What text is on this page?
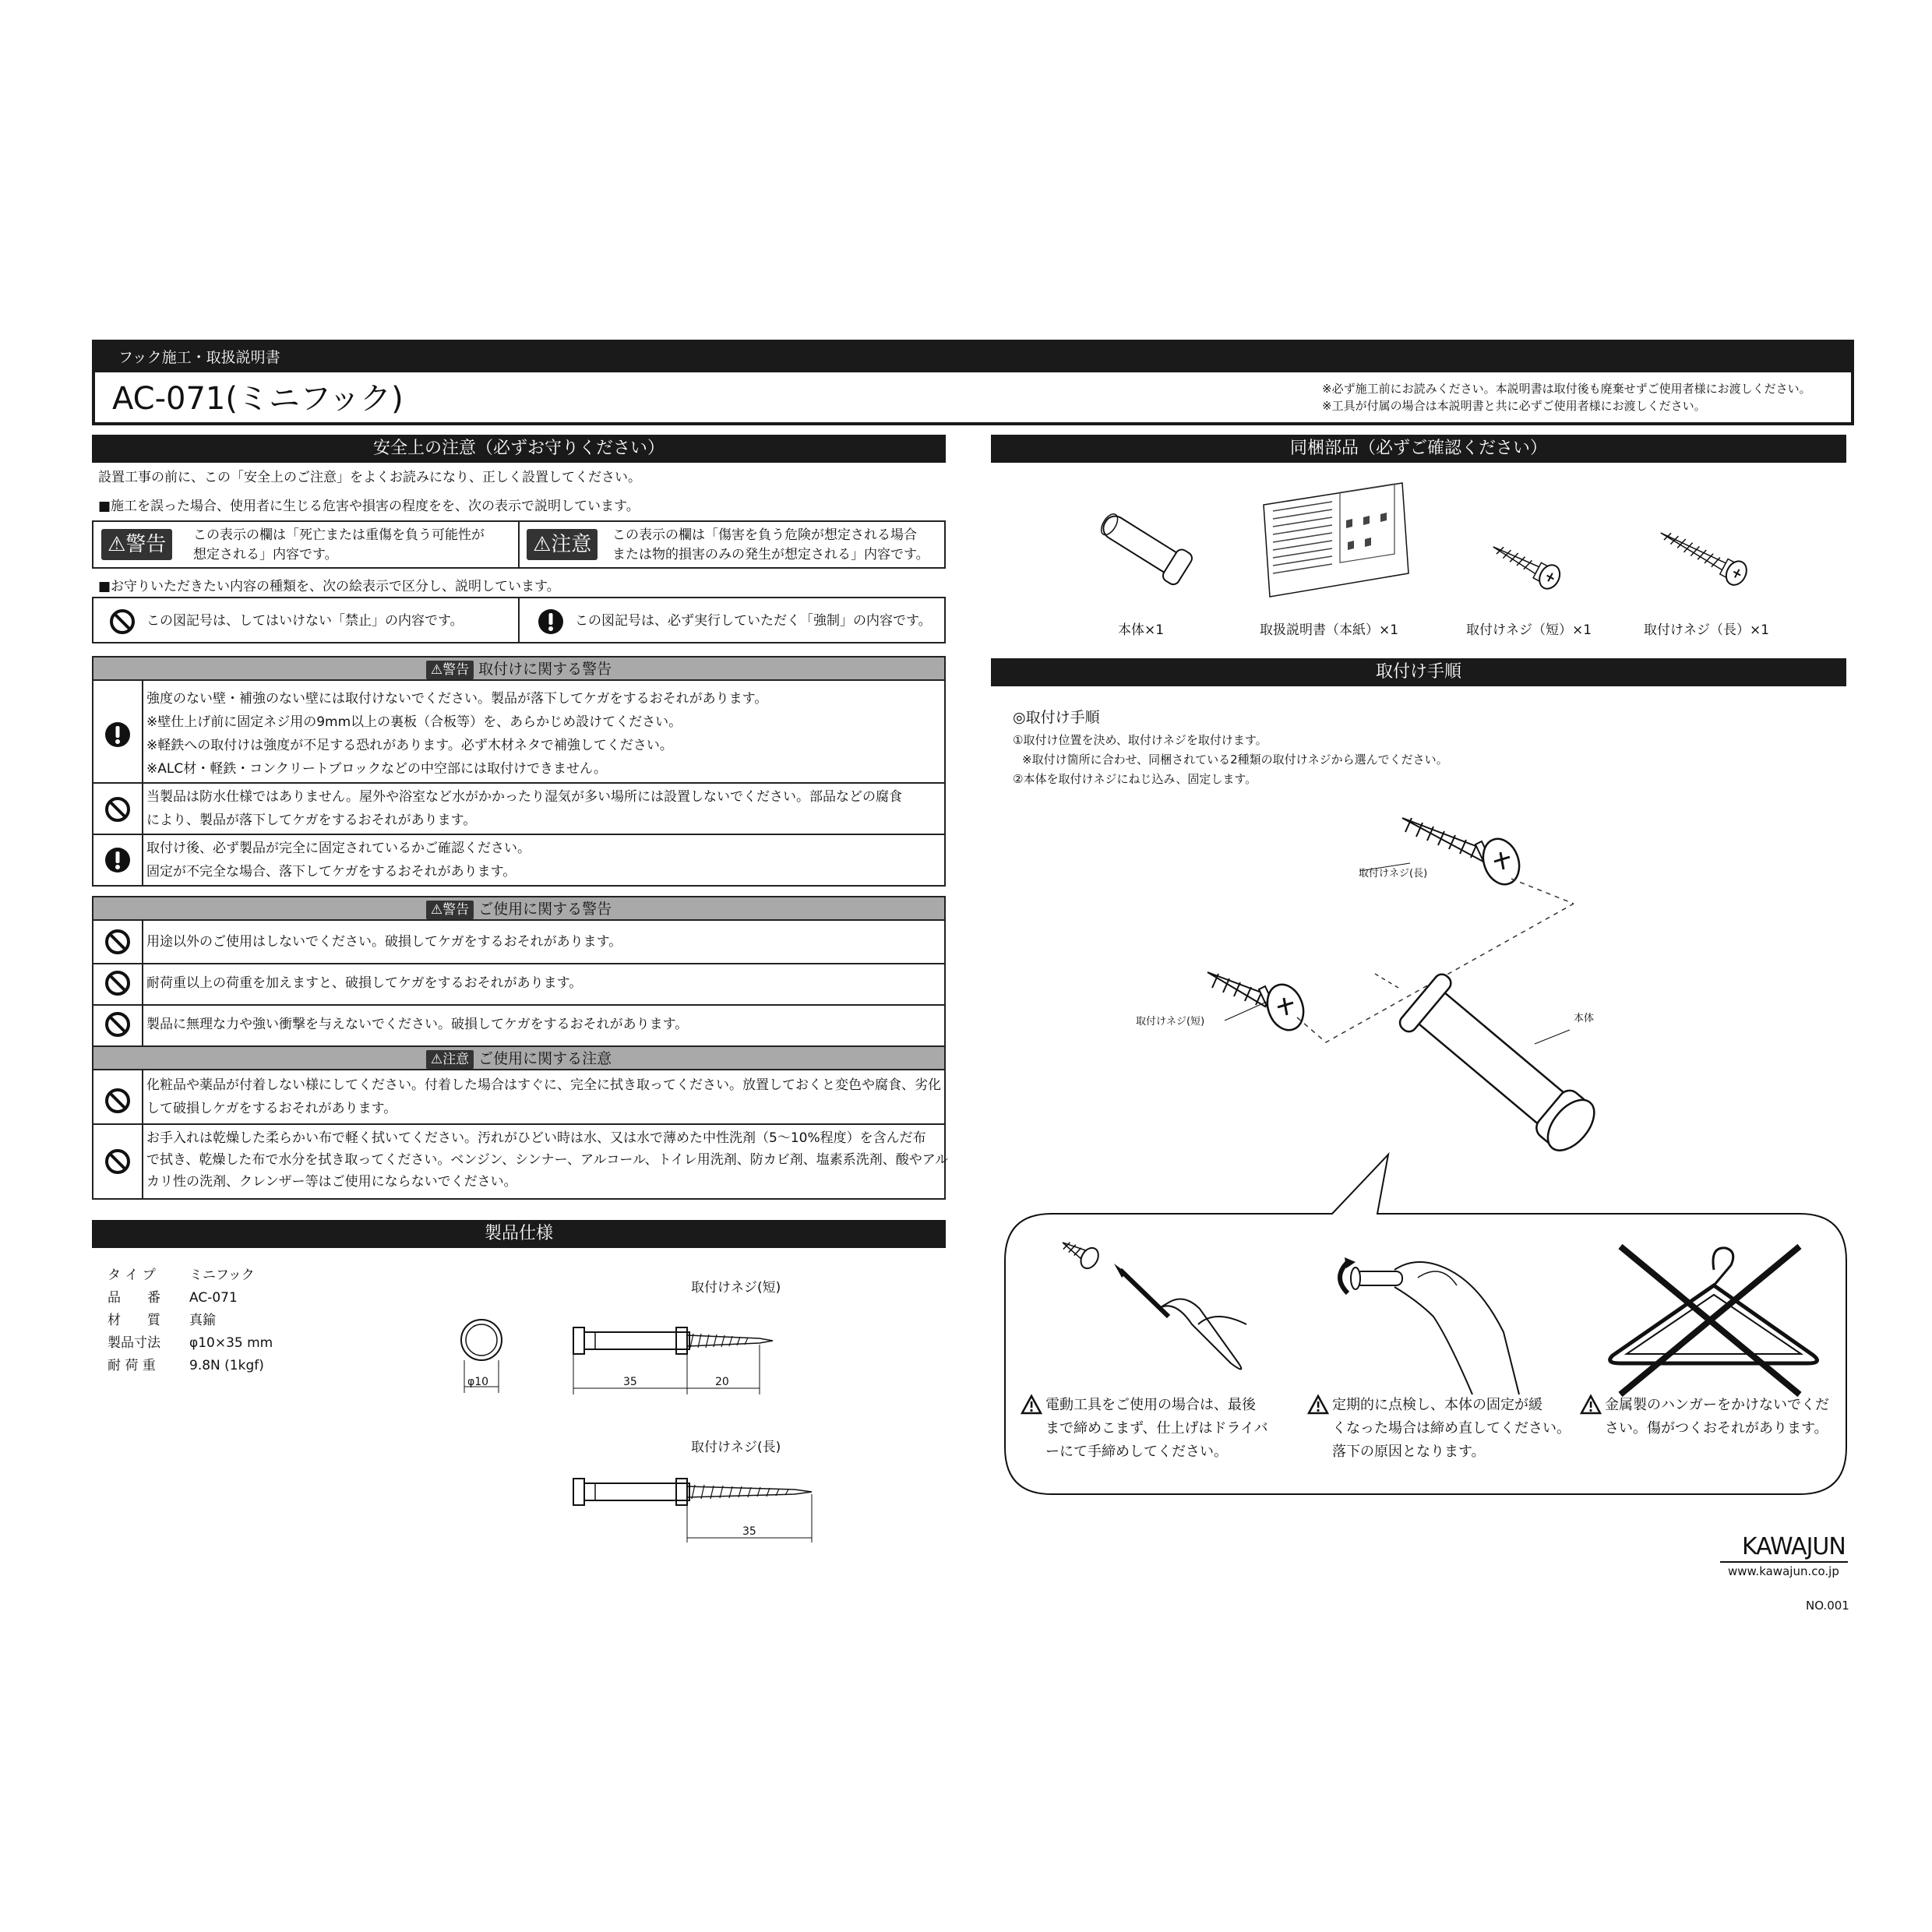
フック施工・取扱説明書
AC-071(ミニフック)	※必ず施工前にお読みください。本説明書は取付後も廃棄せずご使用者様にお渡しください。
※工具が付属の場合は本説明書と共に必ずご使用者様にお渡しください。
安全上の注意（必ずお守りください）
設置工事の前に、この「安全上のご注意」をよくお読みになり、正しく設置してください。
■施工を誤った場合、使用者に生じる危害や損害の程度をを、次の表示で説明しています。
⚠警告	この表示の欄は「死亡または重傷を負う可能性が
想定される」内容です。	⚠注意	この表示の欄は「傷害を負う危険が想定される場合
または物的損害のみの発生が想定される」内容です。
■お守りいただきたい内容の種類を、次の絵表示で区分し、説明しています。
この図記号は、してはいけない「禁止」の内容です。	この図記号は、必ず実行していただく「強制」の内容です。
⚠警告 取付けに関する警告
強度のない壁・補強のない壁には取付けないでください。製品が落下してケガをするおそれがあります。
※壁仕上げ前に固定ネジ用の9mm以上の裏板（合板等）を、あらかじめ設けてください。
※軽鉄への取付けは強度が不足する恐れがあります。必ず木材ネタで補強してください。
※ALC材・軽鉄・コンクリートブロックなどの中空部には取付けできません。
当製品は防水仕様ではありません。屋外や浴室など水がかかったり湿気が多い場所には設置しないでください。部品などの腐食
により、製品が落下してケガをするおそれがあります。
取付け後、必ず製品が完全に固定されているかご確認ください。
固定が不完全な場合、落下してケガをするおそれがあります。
⚠警告 ご使用に関する警告
用途以外のご使用はしないでください。破損してケガをするおそれがあります。
耐荷重以上の荷重を加えますと、破損してケガをするおそれがあります。
製品に無理な力や強い衝撃を与えないでください。破損してケガをするおそれがあります。
⚠注意 ご使用に関する注意
化粧品や薬品が付着しない様にしてください。付着した場合はすぐに、完全に拭き取ってください。放置しておくと変色や腐食、劣化
して破損しケガをするおそれがあります。
お手入れは乾燥した柔らかい布で軽く拭いてください。汚れがひどい時は水、又は水で薄めた中性洗剤（5〜10%程度）を含んだ布
で拭き、乾燥した布で水分を拭き取ってください。ベンジン、シンナー、アルコール、トイレ用洗剤、防カビ剤、塩素系洗剤、酸やアル
カリ性の洗剤、クレンザー等はご使用にならないでください。
製品仕様
タ イ プ	ミニフック
品　　番 AC-071
材　　質 真鍮
製品寸法 φ10×35 mm
耐 荷 重	9.8N (1kgf)
φ10
取付けネジ(短)
35	20
取付けネジ(長)
35
同梱部品（必ずご確認ください）
本体×1	取扱説明書（本紙）×1	取付けネジ（短）×1	取付けネジ（長）×1
取付け手順
◎取付け手順
①取付け位置を決め、取付けネジを取付けます。
※取付け箇所に合わせ、同梱されている2種類の取付けネジから選んでください。
②本体を取付けネジにねじ込み、固定します。
取付けネジ(長)
取付けネジ(短)	本体
電動工具をご使用の場合は、最後
まで締めこまず、仕上げはドライバ
ーにて手締めしてください。
定期的に点検し、本体の固定が緩
くなった場合は締め直してください。
落下の原因となります。
金属製のハンガーをかけないでくだ
さい。傷がつくおそれがあります。
KAWAJUN
www.kawajun.co.jp
NO.001
